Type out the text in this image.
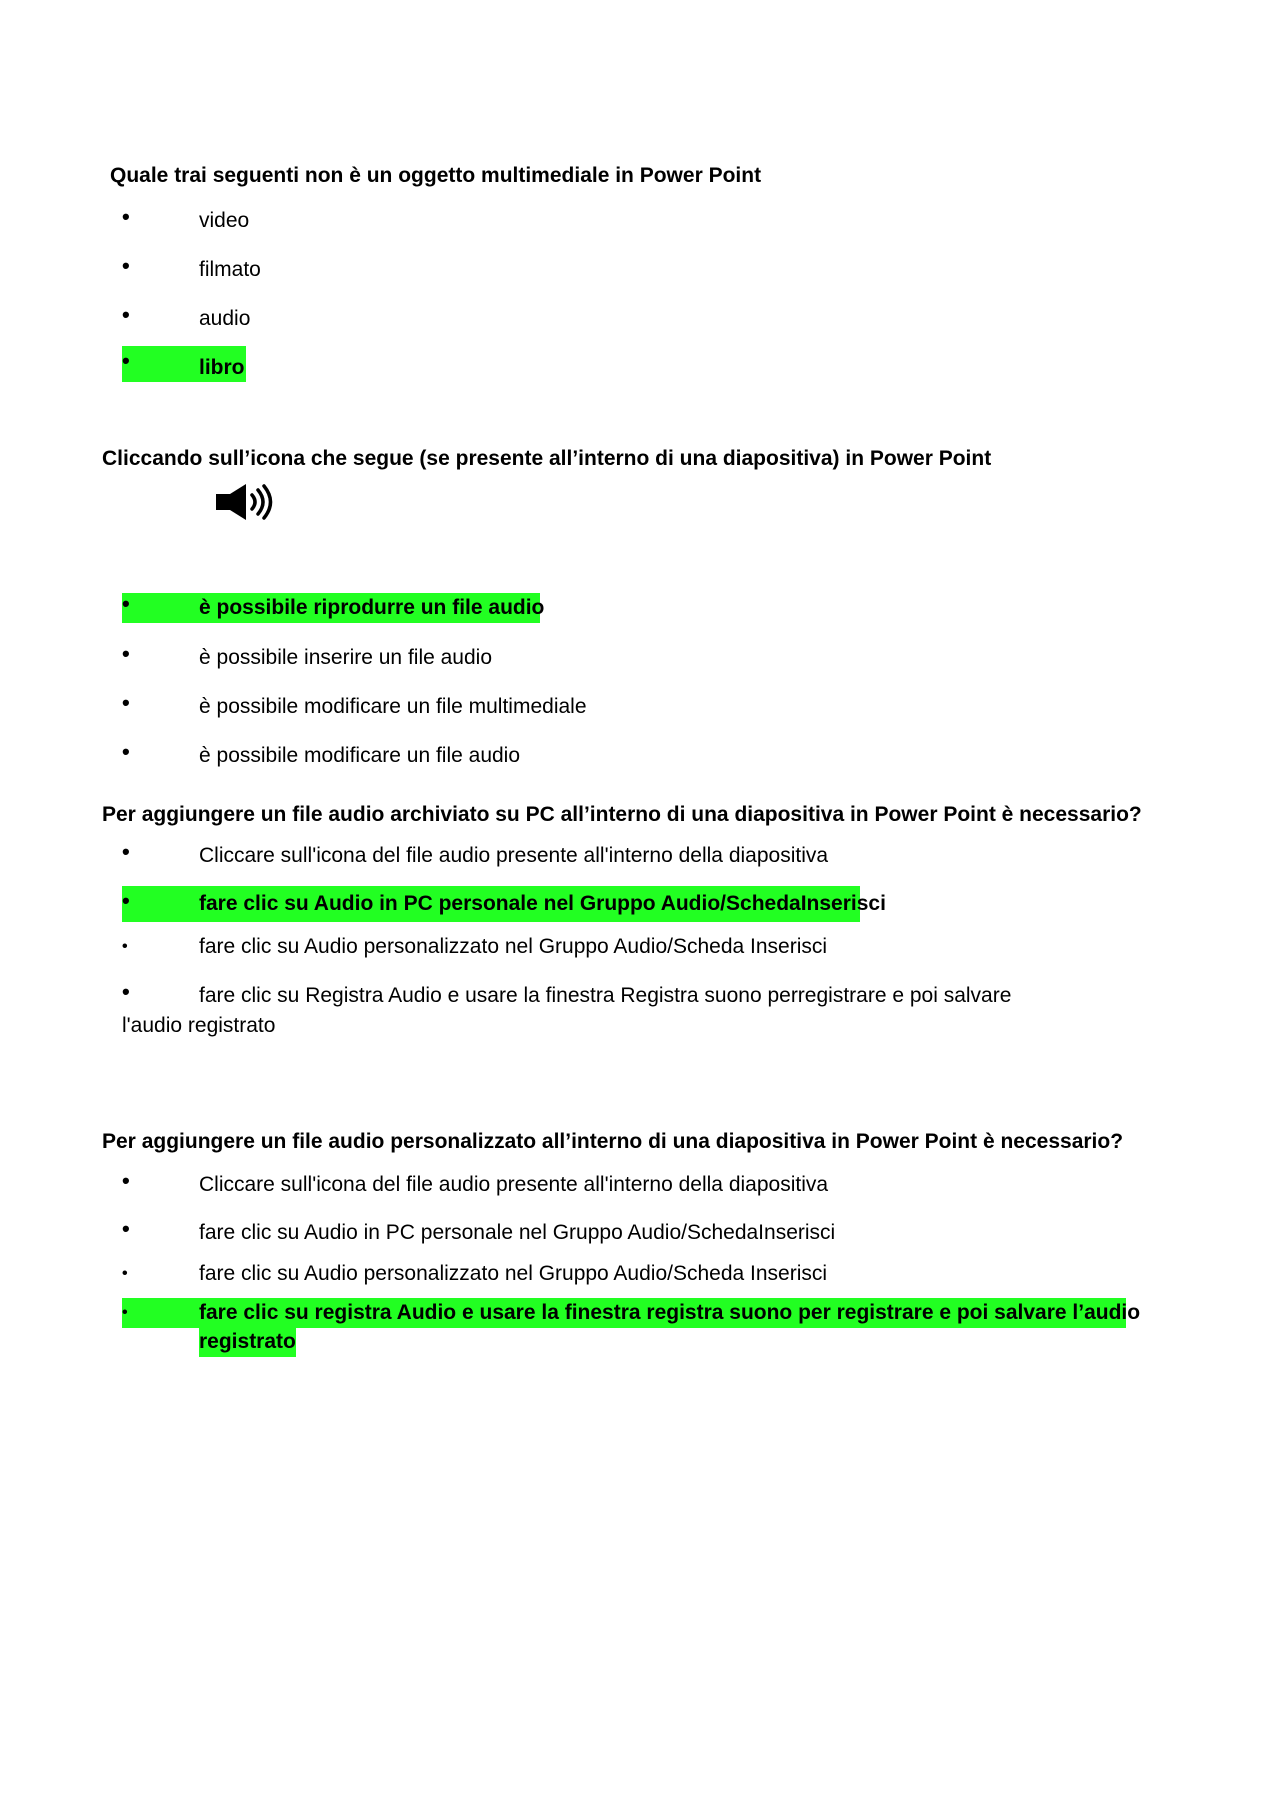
Quale trai seguenti non è un oggetto multimediale in Power Point
•	video
•	filmato
•	audio
•	libro
Cliccando sull’icona che segue (se presente all’interno di una diapositiva) in Power Point
•	è possibile riprodurre un file audio
•	è possibile inserire un file audio
•	è possibile modificare un file multimediale
•	è possibile modificare un file audio
Per aggiungere un file audio archiviato su PC all’interno di una diapositiva in Power Point è necessario?
•	Cliccare sull'icona del file audio presente all'interno della diapositiva
•	fare clic su Audio in PC personale nel Gruppo Audio/SchedaInserisci
•	fare clic su Audio personalizzato nel Gruppo Audio/Scheda Inserisci
•	fare clic su Registra Audio e usare la finestra Registra suono perregistrare e poi salvare
l'audio registrato
Per aggiungere un file audio personalizzato all’interno di una diapositiva in Power Point è necessario?
•	Cliccare sull'icona del file audio presente all'interno della diapositiva
•	fare clic su Audio in PC personale nel Gruppo Audio/SchedaInserisci
•	fare clic su Audio personalizzato nel Gruppo Audio/Scheda Inserisci
•	fare clic su registra Audio e usare la finestra registra suono per registrare e poi salvare l’audio
registrato
